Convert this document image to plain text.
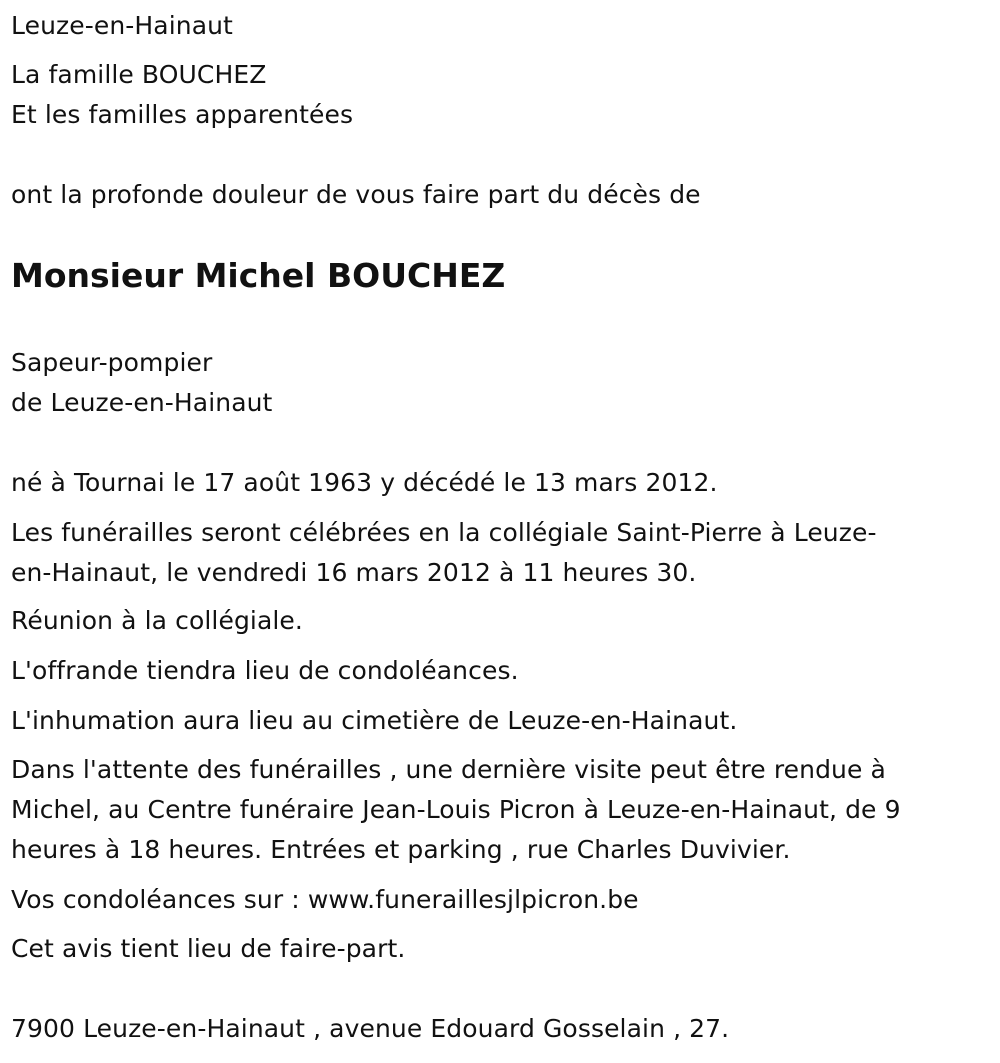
Leuze-en-Hainaut
La famille BOUCHEZ
Et les familles apparentées
ont la profonde douleur de vous faire part du décès de
Monsieur Michel BOUCHEZ
Sapeur-pompier
de Leuze-en-Hainaut
né à Tournai le 17 août 1963 y décédé le 13 mars 2012.
Les funérailles seront célébrées en la collégiale Saint-Pierre à Leuze-
en-Hainaut, le vendredi 16 mars 2012 à 11 heures 30.
Réunion à la collégiale.
L'offrande tiendra lieu de condoléances.
L'inhumation aura lieu au cimetière de Leuze-en-Hainaut.
Dans l'attente des funérailles , une dernière visite peut être rendue à
Michel, au Centre funéraire Jean-Louis Picron à Leuze-en-Hainaut, de 9
heures à 18 heures. Entrées et parking , rue Charles Duvivier.
Vos condoléances sur : www.funeraillesjlpicron.be
Cet avis tient lieu de faire-part.
7900 Leuze-en-Hainaut , avenue Edouard Gosselain , 27.
